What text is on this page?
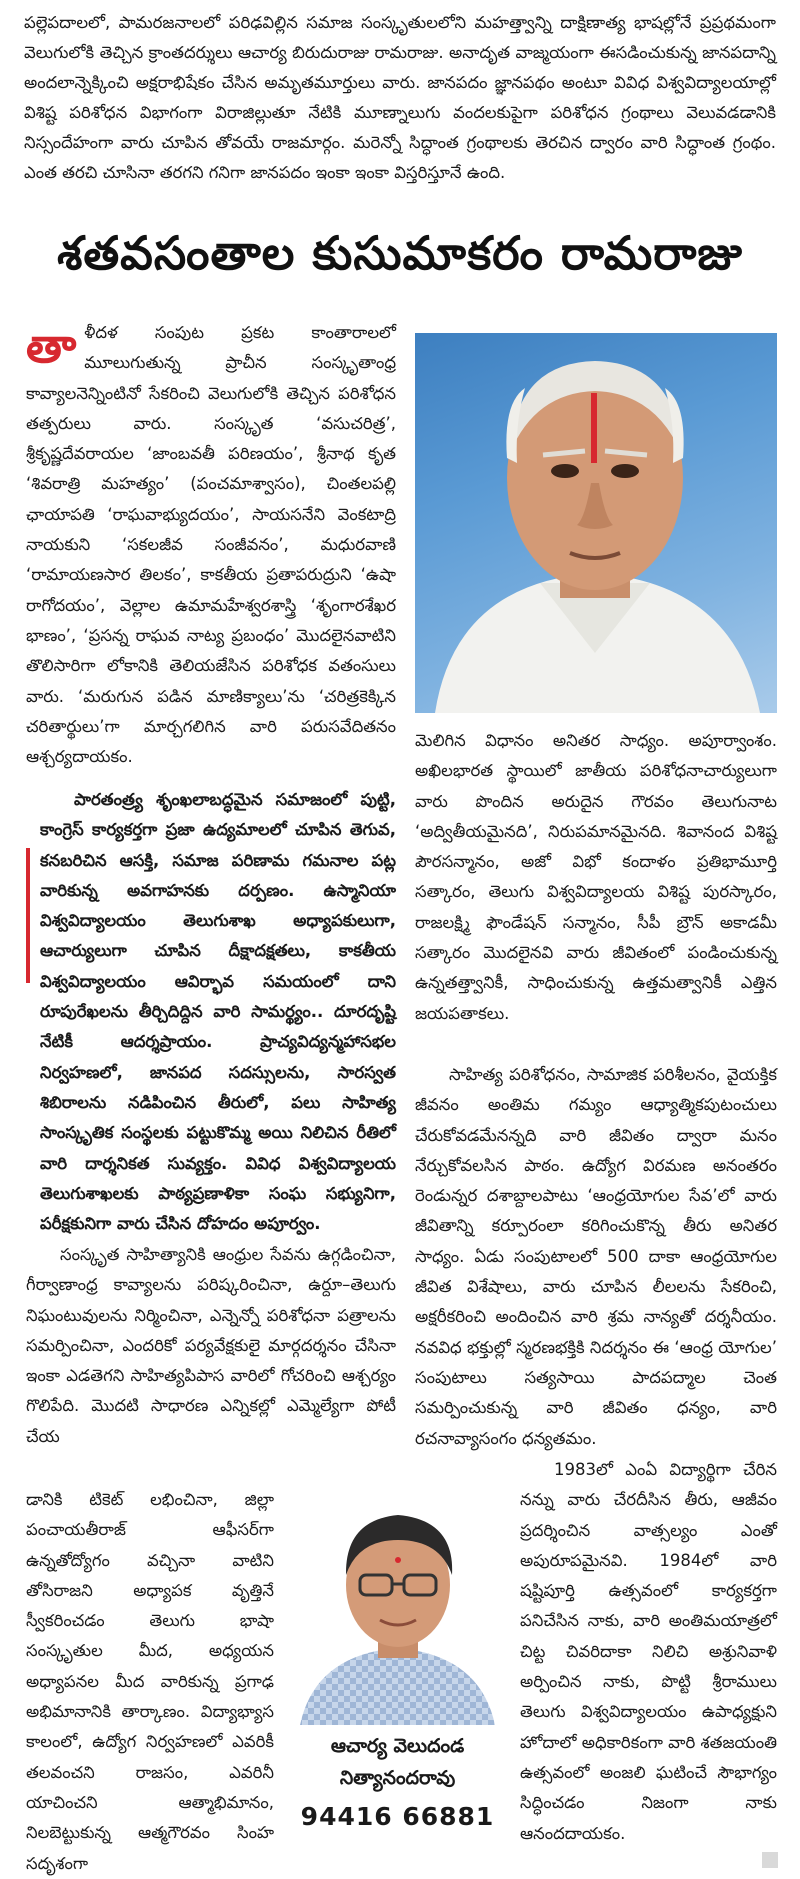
పల్లెపదాలలో, పామరజనాలలో పరిఢవిల్లిన సమాజ సంస్కృతులలోని మహత్త్వాన్ని దాక్షిణాత్య భాషల్లోనే ప్రప్రథమంగా వెలుగులోకి తెచ్చిన క్రాంతదర్శులు ఆచార్య బిరుదురాజు రామరాజు. అనాదృత వాజ్మయంగా ఈసడించుకున్న జానపదాన్ని అందలాన్నెక్కించి అక్షరాభిషేకం చేసిన అమృతమూర్తులు వారు. జానపదం జ్ఞానపథం అంటూ వివిధ విశ్వవిద్యాలయాల్లో విశిష్ట పరిశోధన విభాగంగా విరాజిల్లుతూ నేటికి మూణ్నాలుగు వందలకుపైగా పరిశోధన గ్రంథాలు వెలువడడానికి నిస్సందేహంగా వారు చూపిన తోవయే రాజమార్గం. మరెన్నో సిద్ధాంత గ్రంథాలకు తెరచిన ద్వారం వారి సిద్ధాంత గ్రంథం. ఎంత తరచి చూసినా తరగని గనిగా జానపదం ఇంకా ఇంకా విస్తరిస్తూనే ఉంది.
శతవసంతాల కుసుమాకరం రామరాజు

తాళీదళ సంపుట ప్రకట కాంతారాలలో మూలుగుతున్న ప్రాచీన సంస్కృతాంధ్ర కావ్యాలనెన్నింటినో సేకరించి వెలుగులోకి తెచ్చిన పరిశోధన తత్పరులు వారు. సంస్కృత ‘వసుచరిత్ర’, శ్రీకృష్ణదేవరాయల ‘జాంబవతీ పరిణయం’, శ్రీనాథ కృత ‘శివరాత్రి మహత్యం’ (పంచమాశ్వాసం), చింతలపల్లి ఛాయాపతి ‘రాఘవాభ్యుదయం’, సాయసనేని వెంకటాద్రి నాయకుని ‘సకలజీవ సంజీవనం’, మధురవాణి ‘రామాయణసార తిలకం’, కాకతీయ ప్రతాపరుద్రుని ‘ఉషా రాగోదయం’, వెల్లాల ఉమామహేశ్వరశాస్త్రి ‘శృంగారశేఖర భాణం’, ‘ప్రసన్న రాఘవ నాట్య ప్రబంధం’ మొదలైనవాటిని తొలిసారిగా లోకానికి తెలియజేసిన పరిశోధక వతంసులు వారు. ‘మరుగున పడిన మాణిక్యాలు’ను ‘చరిత్రకెక్కిన చరితార్థులు’గా మార్చగలిగిన వారి పరుసవేదితనం ఆశ్చర్యదాయకం.

పారతంత్ర్య శృంఖలాబద్ధమైన సమాజంలో పుట్టి, కాంగ్రెస్ కార్యకర్తగా ప్రజా ఉద్యమాలలో చూపిన తెగువ, కనబరిచిన ఆసక్తి, సమాజ పరిణామ గమనాల పట్ల వారికున్న అవగాహనకు దర్పణం. ఉస్మానియా విశ్వవిద్యాలయం తెలుగుశాఖ అధ్యాపకులుగా, ఆచార్యులుగా చూపిన దీక్షాదక్షతలు, కాకతీయ విశ్వవిద్యాలయం ఆవిర్భావ సమయంలో దాని రూపురేఖలను తీర్చిదిద్దిన వారి సామర్థ్యం.. దూరదృష్టి నేటికీ ఆదర్శప్రాయం. ప్రాచ్యవిద్యన్మహాసభల నిర్వహణలో, జానపద సదస్సులను, సారస్వత శిబిరాలను నడిపించిన తీరులో, పలు సాహిత్య సాంస్కృతిక సంస్థలకు పట్టుకొమ్మ అయి నిలిచిన రీతిలో వారి దార్శనికత సువ్యక్తం. వివిధ విశ్వవిద్యాలయ తెలుగుశాఖలకు పాఠ్యప్రణాళికా సంఘ సభ్యునిగా, పరీక్షకునిగా వారు చేసిన దోహదం అపూర్వం.

సంస్కృత సాహిత్యానికి ఆంధ్రుల సేవను ఉగ్గడించినా, గీర్వాణాంధ్ర కావ్యాలను పరిష్కరించినా, ఉర్దూ–తెలుగు నిఘంటువులను నిర్మించినా, ఎన్నెన్నో పరిశోధనా పత్రాలను సమర్పించినా, ఎందరికో పర్యవేక్షకులై మార్గదర్శనం చేసినా ఇంకా ఎడతెగని సాహిత్యపిపాస వారిలో గోచరించి ఆశ్చర్యం గొలిపేది. మొదటి సాధారణ ఎన్నికల్లో ఎమ్మెల్యేగా పోటీ చేయ

డానికి టికెట్ లభించినా, జిల్లా పంచాయతీరాజ్ ఆఫీసర్‌గా ఉన్నతోద్యోగం వచ్చినా వాటిని తోసిరాజని అధ్యాపక వృత్తినే స్వీకరించడం తెలుగు భాషా సంస్కృతుల మీద, అధ్యయన అధ్యాపనల మీద వారికున్న ప్రగాఢ అభిమానానికి తార్కాణం. విద్యాభ్యాస కాలంలో, ఉద్యోగ నిర్వహణలో ఎవరికీ తలవంచని రాజసం, ఎవరినీ యాచించని ఆత్మాభిమానం, నిలబెట్టుకున్న ఆత్మగౌరవం సింహ సదృశంగా

మెలిగిన విధానం అనితర సాధ్యం. అపూర్వాంశం. అఖిలభారత స్థాయిలో జాతీయ పరిశోధనాచార్యులుగా వారు పొందిన అరుదైన గౌరవం తెలుగునాట ‘అద్వితీయమైనది’, నిరుపమానమైనది. శివానంద విశిష్ట పౌరసన్మానం, అజో విభో కందాళం ప్రతిభామూర్తి సత్కారం, తెలుగు విశ్వవిద్యాలయ విశిష్ట పురస్కారం, రాజలక్ష్మి ఫౌండేషన్ సన్మానం, సీపీ బ్రౌన్ అకాడమీ సత్కారం మొదలైనవి వారు జీవితంలో పండించుకున్న ఉన్నతత్త్వానికీ, సాధించుకున్న ఉత్తమత్వానికీ ఎత్తిన జయపతాకలు.

సాహిత్య పరిశోధనం, సామాజిక పరిశీలనం, వైయక్తిక జీవనం అంతిమ గమ్యం ఆధ్యాత్మికపుటంచులు చేరుకోవడమేనన్నది వారి జీవితం ద్వారా మనం నేర్చుకోవలసిన పాఠం. ఉద్యోగ విరమణ అనంతరం రెండున్నర దశాబ్దాలపాటు ‘ఆంధ్రయోగుల సేవ’లో వారు జీవితాన్ని కర్పూరంలా కరిగించుకొన్న తీరు అనితర సాధ్యం. ఏడు సంపుటాలలో 500 దాకా ఆంధ్రయోగుల జీవిత విశేషాలు, వారు చూపిన లీలలను సేకరించి, అక్షరీకరించి అందించిన వారి శ్రమ నాన్యతో దర్శనీయం. నవవిధ భక్తుల్లో స్మరణభక్తికి నిదర్శనం ఈ ‘ఆంధ్ర యోగుల’ సంపుటాలు సత్యసాయి పాదపద్మాల చెంత సమర్పించుకున్న వారి జీవితం ధన్యం, వారి రచనావ్యాసంగం ధన్యతమం.

1983లో ఎంఏ విద్యార్థిగా చేరిన నన్ను వారు చేరదీసిన తీరు, ఆజీవం ప్రదర్శించిన వాత్సల్యం ఎంతో అపురూపమైనవి. 1984లో వారి షష్టిపూర్తి ఉత్సవంలో కార్యకర్తగా పనిచేసిన నాకు, వారి అంతిమయాత్రలో చిట్ట చివరిదాకా నిలిచి అశ్రునివాళి అర్పించిన నాకు, పొట్టి శ్రీరాములు తెలుగు విశ్వవిద్యాలయం ఉపాధ్యక్షుని హోదాలో అధికారికంగా వారి శతజయంతి ఉత్సవంలో అంజలి ఘటించే సౌభాగ్యం సిద్ధించడం నిజంగా నాకు ఆనందదాయకం.

ఆచార్య వెలుదండ
నిత్యానందరావు
94416 66881
